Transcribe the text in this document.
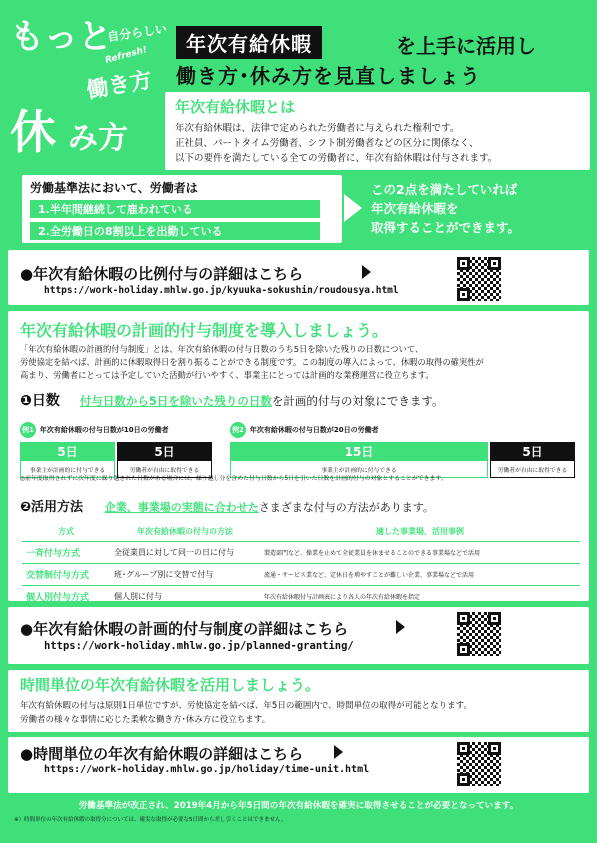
もっと
自分らしい
Refresh!
働き方
休 み方
年次有給休暇	を上手に活用し
働き方･休み方を見直しましょう
年次有給休暇とは
年次有給休暇は、法律で定められた労働者に与えられた権利です。
正社員、パートタイム労働者、シフト制労働者などの区分に関係なく、
以下の要件を満たしている全ての労働者に、年次有給休暇は付与されます。
労働基準法において、労働者は
1.半年間継続して雇われている
2.全労働日の8割以上を出勤している
この2点を満たしていれば
年次有給休暇を
取得することができます。
●年次有給休暇の比例付与の詳細はこちら
https://work-holiday.mhlw.go.jp/kyuuka-sokushin/roudousya.html
年次有給休暇の計画的付与制度を導入しましょう。
「年次有給休暇の計画的付与制度」とは、年次有給休暇の付与日数のうち5日を除いた残りの日数について、
労使協定を結べば、計画的に休暇取得日を割り振ることができる制度です。この制度の導入によって、休暇の取得の確実性が
高まり、労働者にとっては予定していた活動が行いやすく、事業主にとっては計画的な業務運営に役立ちます。
❶日数 付与日数から5日を除いた残りの日数を計画的付与の対象にできます。
例1 年次有給休暇の付与日数が10日の労働者
5日
事業主が計画的に付与できる
5日
労働者が自由に取得できる
例2 年次有給休暇の付与日数が20日の労働者
15日
事業主が計画的に付与できる
5日
労働者が自由に取得できる
◎前年度取得されずに次年度に繰り越された日数がある場合には、繰り越し分を含めた付与日数から5日を引いた日数を計画的付与の対象とすることができます。
❷活用方法 企業、事業場の実態に合わせたさまざまな付与の方法があります。
方式	年次有給休暇の付与の方法	適した事業場、活用事例
一斉付与方式	全従業員に対して同一の日に付与	製造部門など、操業を止めて全従業員を休ませることのできる事業場などで活用
交替制付与方式	班･グループ別に交替で付与	流通・サービス業など、定休日を増やすことが難しい企業、事業場などで活用
個人別付与方式	個人別に付与	年次有給休暇付与計画表により各人の年次有給休暇を指定
●年次有給休暇の計画的付与制度の詳細はこちら
https://work-holiday.mhlw.go.jp/planned-granting/
時間単位の年次有給休暇を活用しましょう。
年次有給休暇の付与は原則1日単位ですが、労使協定を結べば、年5日の範囲内で、時間単位の取得が可能となります。
労働者の様々な事情に応じた柔軟な働き方･休み方に役立ちます。
●時間単位の年次有給休暇の詳細はこちら
https://work-holiday.mhlw.go.jp/holiday/time-unit.html
労働基準法が改正され、2019年4月から年5日間の年次有給休暇を確実に取得させることが必要となっています。
※）時間単位の年次有給休暇の取得分については、確実な取得が必要な5日間から差し引くことはできません。
